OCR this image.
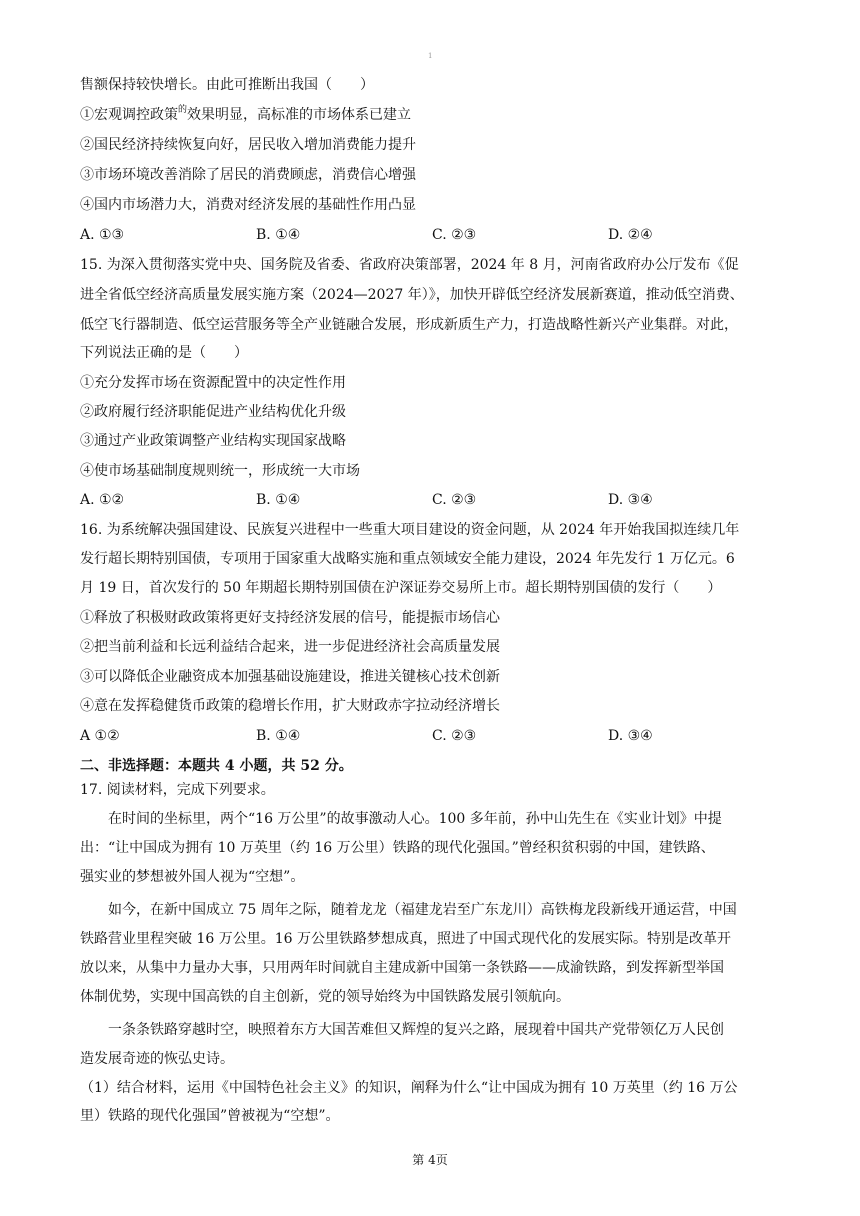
1
售额保持较快增长。由此可推断出我国（　　）
①宏观调控政策$^的$效果明显，高标准的市场体系已建立
②国民经济持续恢复向好，居民收入增加消费能力提升
③市场环境改善消除了居民的消费顾虑，消费信心增强
④国内市场潜力大，消费对经济发展的基础性作用凸显
A. ①③	B. ①④	C. ②③	D. ②④
15. 为深入贯彻落实党中央、国务院及省委、省政府决策部署，2024 年 8 月，河南省政府办公厅发布《促
进全省低空经济高质量发展实施方案（2024—2027 年）》，加快开辟低空经济发展新赛道，推动低空消费、
低空飞行器制造、低空运营服务等全产业链融合发展，形成新质生产力，打造战略性新兴产业集群。对此，
下列说法正确的是（　　）
①充分发挥市场在资源配置中的决定性作用
②政府履行经济职能促进产业结构优化升级
③通过产业政策调整产业结构实现国家战略
④使市场基础制度规则统一，形成统一大市场
A. ①②	B. ①④	C. ②③	D. ③④
16. 为系统解决强国建设、民族复兴进程中一些重大项目建设的资金问题，从 2024 年开始我国拟连续几年
发行超长期特别国债，专项用于国家重大战略实施和重点领域安全能力建设，2024 年先发行 1 万亿元。6
月 19 日，首次发行的 50 年期超长期特别国债在沪深证券交易所上市。超长期特别国债的发行（　　）
①释放了积极财政政策将更好支持经济发展的信号，能提振市场信心
②把当前利益和长远利益结合起来，进一步促进经济社会高质量发展
③可以降低企业融资成本加强基础设施建设，推进关键核心技术创新
④意在发挥稳健货币政策的稳增长作用，扩大财政赤字拉动经济增长
A ①②	B. ①④	C. ②③	D. ③④
二、非选择题：本题共 4 小题，共 52 分。
17. 阅读材料，完成下列要求。
在时间的坐标里，两个“16 万公里”的故事激动人心。100 多年前，孙中山先生在《实业计划》中提
出：“让中国成为拥有 10 万英里（约 16 万公里）铁路的现代化强国。”曾经积贫积弱的中国，建铁路、
强实业的梦想被外国人视为“空想”。
如今，在新中国成立 75 周年之际，随着龙龙（福建龙岩至广东龙川）高铁梅龙段新线开通运营，中国
铁路营业里程突破 16 万公里。16 万公里铁路梦想成真，照进了中国式现代化的发展实际。特别是改革开
放以来，从集中力量办大事，只用两年时间就自主建成新中国第一条铁路——成渝铁路，到发挥新型举国
体制优势，实现中国高铁的自主创新，党的领导始终为中国铁路发展引领航向。
一条条铁路穿越时空，映照着东方大国苦难但又辉煌的复兴之路，展现着中国共产党带领亿万人民创
造发展奇迹的恢弘史诗。
（1）结合材料，运用《中国特色社会主义》的知识，阐释为什么“让中国成为拥有 10 万英里（约 16 万公
里）铁路的现代化强国”曾被视为“空想”。
第 4页
